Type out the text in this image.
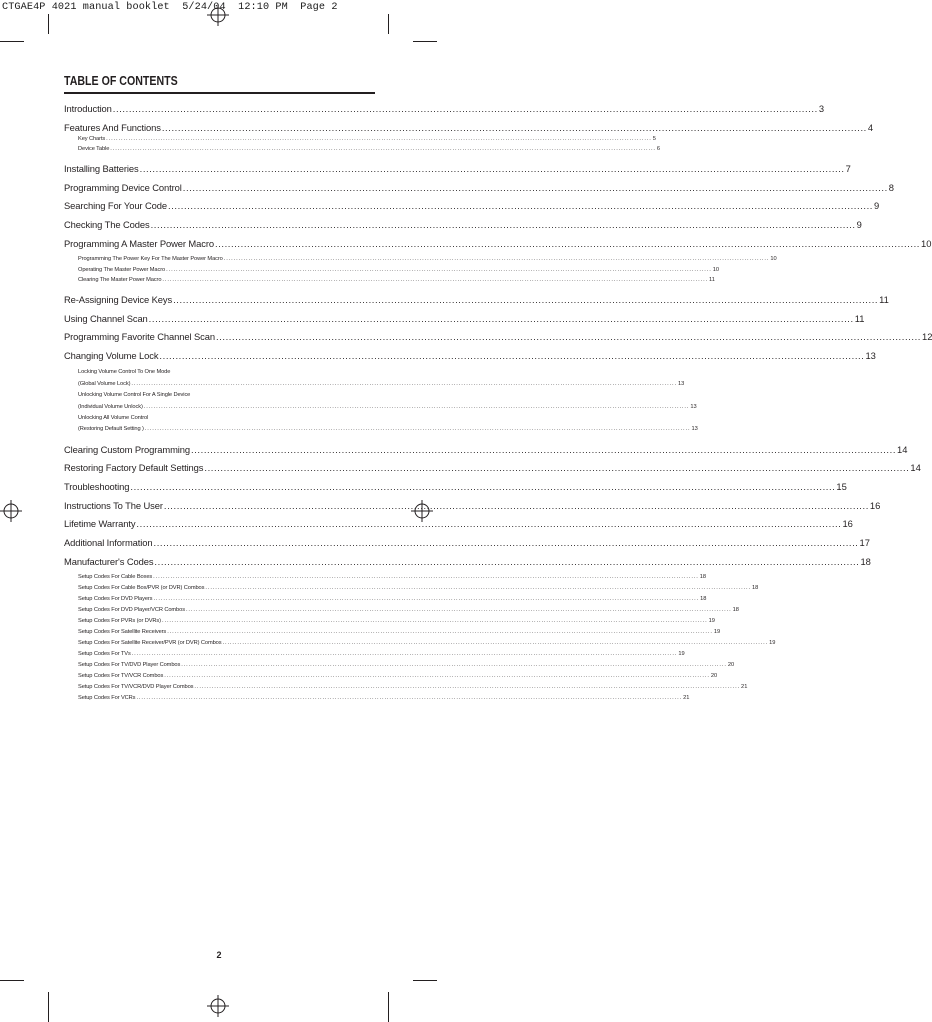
CTGAE4P 4021 manual booklet  5/24/04  12:10 PM  Page 2
TABLE OF CONTENTS
Introduction ............................................................................................................................................................................................................................ 3
Features And Functions ............................................................................................................................................................................................................................ 4
Key Charts ............................................................................................................................................................................................................................ 5
Device Table ............................................................................................................................................................................................................................ 6
Installing Batteries ............................................................................................................................................................................................................................ 7
Programming Device Control ............................................................................................................................................................................................................................ 8
Searching For Your Code ............................................................................................................................................................................................................................ 9
Checking The Codes ............................................................................................................................................................................................................................ 9
Programming A Master Power Macro ............................................................................................................................................................................................................................ 10
Programming The Power Key For The Master Power Macro ............................................................................................................................................................................................................................ 10
Operating The Master Power Macro ............................................................................................................................................................................................................................ 10
Clearing The Master Power Macro ............................................................................................................................................................................................................................ 11
Re-Assigning Device Keys ............................................................................................................................................................................................................................ 11
Using Channel Scan ............................................................................................................................................................................................................................ 11
Programming Favorite Channel Scan ............................................................................................................................................................................................................................ 12
Changing Volume Lock ............................................................................................................................................................................................................................ 13
Locking Volume Control To One Mode
(Global Volume Lock) ............................................................................................................................................................................................................................ 13
Unlocking Volume Control For A Single Device
(Individual Volume Unlock) ............................................................................................................................................................................................................................ 13
Unlocking All Volume Control
(Restoring Default Setting ) ............................................................................................................................................................................................................................ 13
Clearing Custom Programming ............................................................................................................................................................................................................................ 14
Restoring Factory Default Settings ............................................................................................................................................................................................................................ 14
Troubleshooting ............................................................................................................................................................................................................................ 15
Instructions To The User ............................................................................................................................................................................................................................ 16
Lifetime Warranty ............................................................................................................................................................................................................................ 16
Additional Information ............................................................................................................................................................................................................................ 17
Manufacturer's Codes ............................................................................................................................................................................................................................ 18
Setup Codes For Cable Boxes ............................................................................................................................................................................................................................ 18
Setup Codes For Cable Box/PVR (or DVR) Combos ............................................................................................................................................................................................................................ 18
Setup Codes For DVD Players ............................................................................................................................................................................................................................ 18
Setup Codes For DVD Player/VCR Combos ............................................................................................................................................................................................................................ 18
Setup Codes For PVRs (or DVRs) ............................................................................................................................................................................................................................ 19
Setup Codes For Satellite Receivers ............................................................................................................................................................................................................................ 19
Setup Codes For Satellite Receiver/PVR (or DVR) Combos ............................................................................................................................................................................................................................ 19
Setup Codes For TVs ............................................................................................................................................................................................................................ 19
Setup Codes For TV/DVD Player Combos ............................................................................................................................................................................................................................ 20
Setup Codes For TV/VCR Combos ............................................................................................................................................................................................................................ 20
Setup Codes For TV/VCR/DVD Player Combos ............................................................................................................................................................................................................................ 21
Setup Codes For VCRs ............................................................................................................................................................................................................................ 21
2
